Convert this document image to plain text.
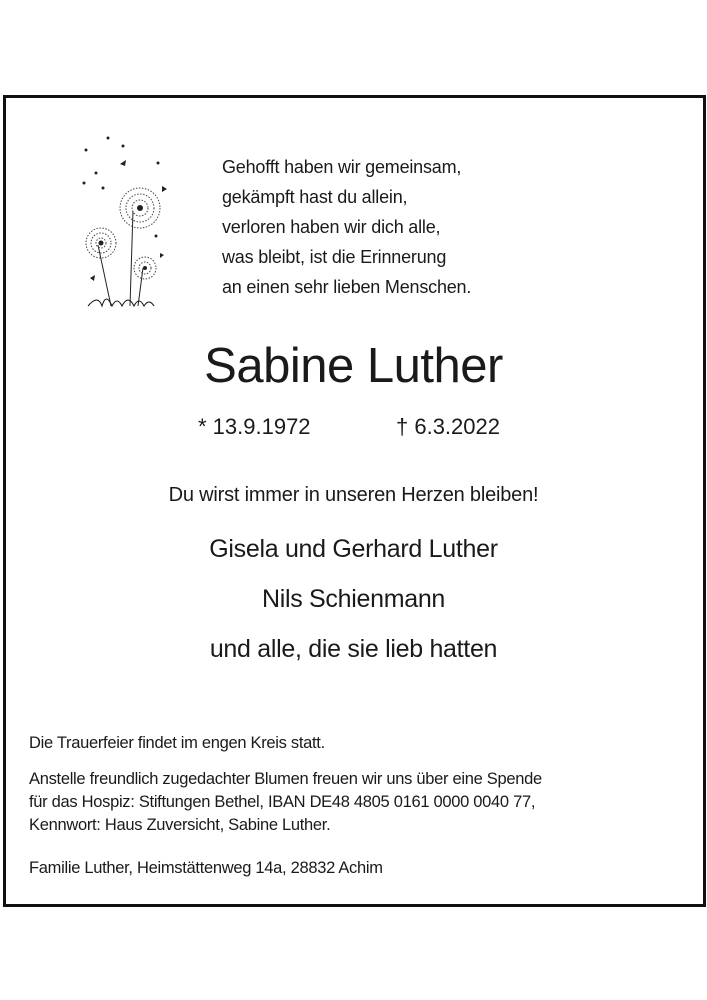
Gehofft haben wir gemeinsam,
gekämpft hast du allein,
verloren haben wir dich alle,
was bleibt, ist die Erinnerung
an einen sehr lieben Menschen.
Sabine Luther
* 13.9.1972	† 6.3.2022
Du wirst immer in unseren Herzen bleiben!
Gisela und Gerhard Luther
Nils Schienmann
und alle, die sie lieb hatten
Die Trauerfeier findet im engen Kreis statt.
Anstelle freundlich zugedachter Blumen freuen wir uns über eine Spende
für das Hospiz: Stiftungen Bethel, IBAN DE48 4805 0161 0000 0040 77,
Kennwort: Haus Zuversicht, Sabine Luther.
Familie Luther, Heimstättenweg 14a, 28832 Achim
